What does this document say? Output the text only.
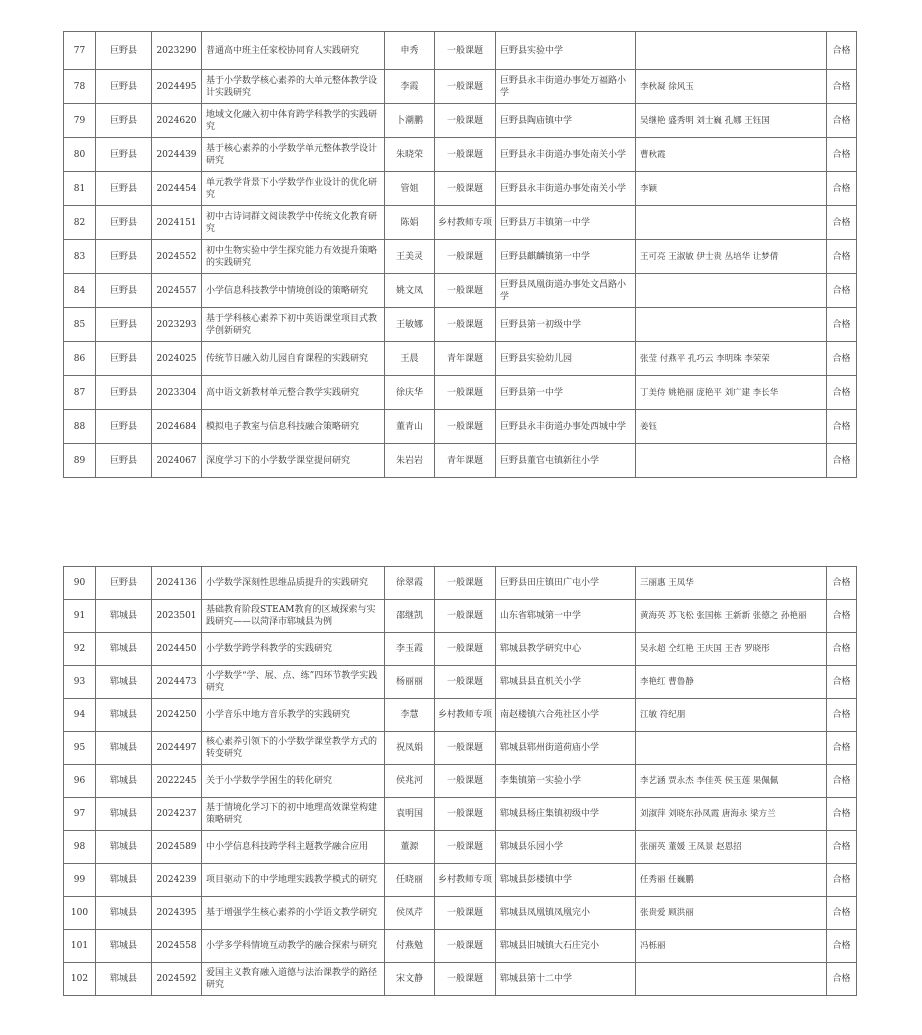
77	巨野县	2023290	普通高中班主任家校协同育人实践研究	申秀	一般课题	巨野县实验中学		合格
78	巨野县	2024495	基于小学数学核心素养的大单元整体教学设计实践研究	李霞	一般课题	巨野县永丰街道办事处万福路小学	李秋凝 徐风玉	合格
79	巨野县	2024620	地域文化融入初中体育跨学科教学的实践研究	卜潮鹏	一般课题	巨野县陶庙镇中学	吴继艳 盛秀明 刘士巍 孔娜 王钰国	合格
80	巨野县	2024439	基于核心素养的小学数学单元整体教学设计研究	朱晓荣	一般课题	巨野县永丰街道办事处南关小学	曹秋霞	合格
81	巨野县	2024454	单元教学背景下小学数学作业设计的优化研究	管姐	一般课题	巨野县永丰街道办事处南关小学	李颖	合格
82	巨野县	2024151	初中古诗词群文阅读教学中传统文化教育研究	陈娟	乡村教师专项	巨野县万丰镇第一中学		合格
83	巨野县	2024552	初中生物实验中学生探究能力有效提升策略的实践研究	王美灵	一般课题	巨野县麒麟镇第一中学	王可亮 王淑敏 伊士贵 丛培华 让梦倩	合格
84	巨野县	2024557	小学信息科技教学中情境创设的策略研究	姚文凤	一般课题	巨野县凤凰街道办事处文昌路小学		合格
85	巨野县	2023293	基于学科核心素养下初中英语课堂项目式教学创新研究	王敏娜	一般课题	巨野县第一初级中学		合格
86	巨野县	2024025	传统节日融入幼儿园自育课程的实践研究	王晨	青年课题	巨野县实验幼儿园	张莹 付燕平 孔巧云 李明珠 李荣荣	合格
87	巨野县	2023304	高中语文新教材单元整合教学实践研究	徐庆华	一般课题	巨野县第一中学	丁美侍 姚艳丽 庞艳平 刘广建 李长华	合格
88	巨野县	2024684	模拟电子教室与信息科技融合策略研究	董青山	一般课题	巨野县永丰街道办事处西城中学	姜钰	合格
89	巨野县	2024067	深度学习下的小学数学课堂提问研究	朱岩岩	青年课题	巨野县董官屯镇新往小学		合格
90	巨野县	2024136	小学数学深刻性思维品质提升的实践研究	徐翠霞	一般课题	巨野县田庄镇田广屯小学	三丽惠 王凤华	合格
91	郓城县	2023501	基础教育阶段STEAM教育的区域探索与实践研究——以菏泽市郓城县为例	邵继凯	一般课题	山东省郓城第一中学	黄海英 苏飞松 张国栋 王新新 张德之 孙艳丽	合格
92	郓城县	2024450	小学数学跨学科教学的实践研究	李玉霞	一般课题	郓城县教学研究中心	吴永超 仝红艳 王庆国 王杏 罗晓彤	合格
93	郓城县	2024473	小学数学“学、展、点、练”四环节教学实践研究	杨丽丽	一般课题	郓城县县直机关小学	李艳红 曹鲁静	合格
94	郓城县	2024250	小学音乐中地方音乐教学的实践研究	李慧	乡村教师专项	南赵楼镇六合苑社区小学	江敏 符纪朋	合格
95	郓城县	2024497	核心素养引领下的小学数学课堂教学方式的转变研究	祝凤娟	一般课题	郓城县郓州街道荷庙小学		合格
96	郓城县	2022245	关于小学数学学困生的转化研究	侯兆河	一般课题	李集镇第一实验小学	李艺涵 贾永杰 李佳英 侯玉莲 果佩佩	合格
97	郓城县	2024237	基于情境化学习下的初中地理高效课堂构建策略研究	袁明国	一般课题	郓城县杨庄集镇初级中学	刘淑萍 刘晓东孙凤霞 唐海永 梁方兰	合格
98	郓城县	2024589	中小学信息科技跨学科主题教学融合应用	董源	一般课题	郓城县乐园小学	张丽英 董媛 王凤景 赵恩招	合格
99	郓城县	2024239	项目驱动下的中学地理实践教学模式的研究	任晓丽	乡村教师专项	郓城县彭楼镇中学	任秀丽 任巍鹏	合格
100	郓城县	2024395	基于增强学生核心素养的小学语文教学研究	侯凤芹	一般课题	郓城县凤凰镇凤凰完小	张贵爱 顾洪丽	合格
101	郓城县	2024558	小学多学科情境互动教学的融合探索与研究	付燕勉	一般课题	郓城县旧城镇大石庄完小	冯栎丽	合格
102	郓城县	2024592	爱国主义教育融入道德与法治课教学的路径研究	宋文静	一般课题	郓城县第十二中学		合格
